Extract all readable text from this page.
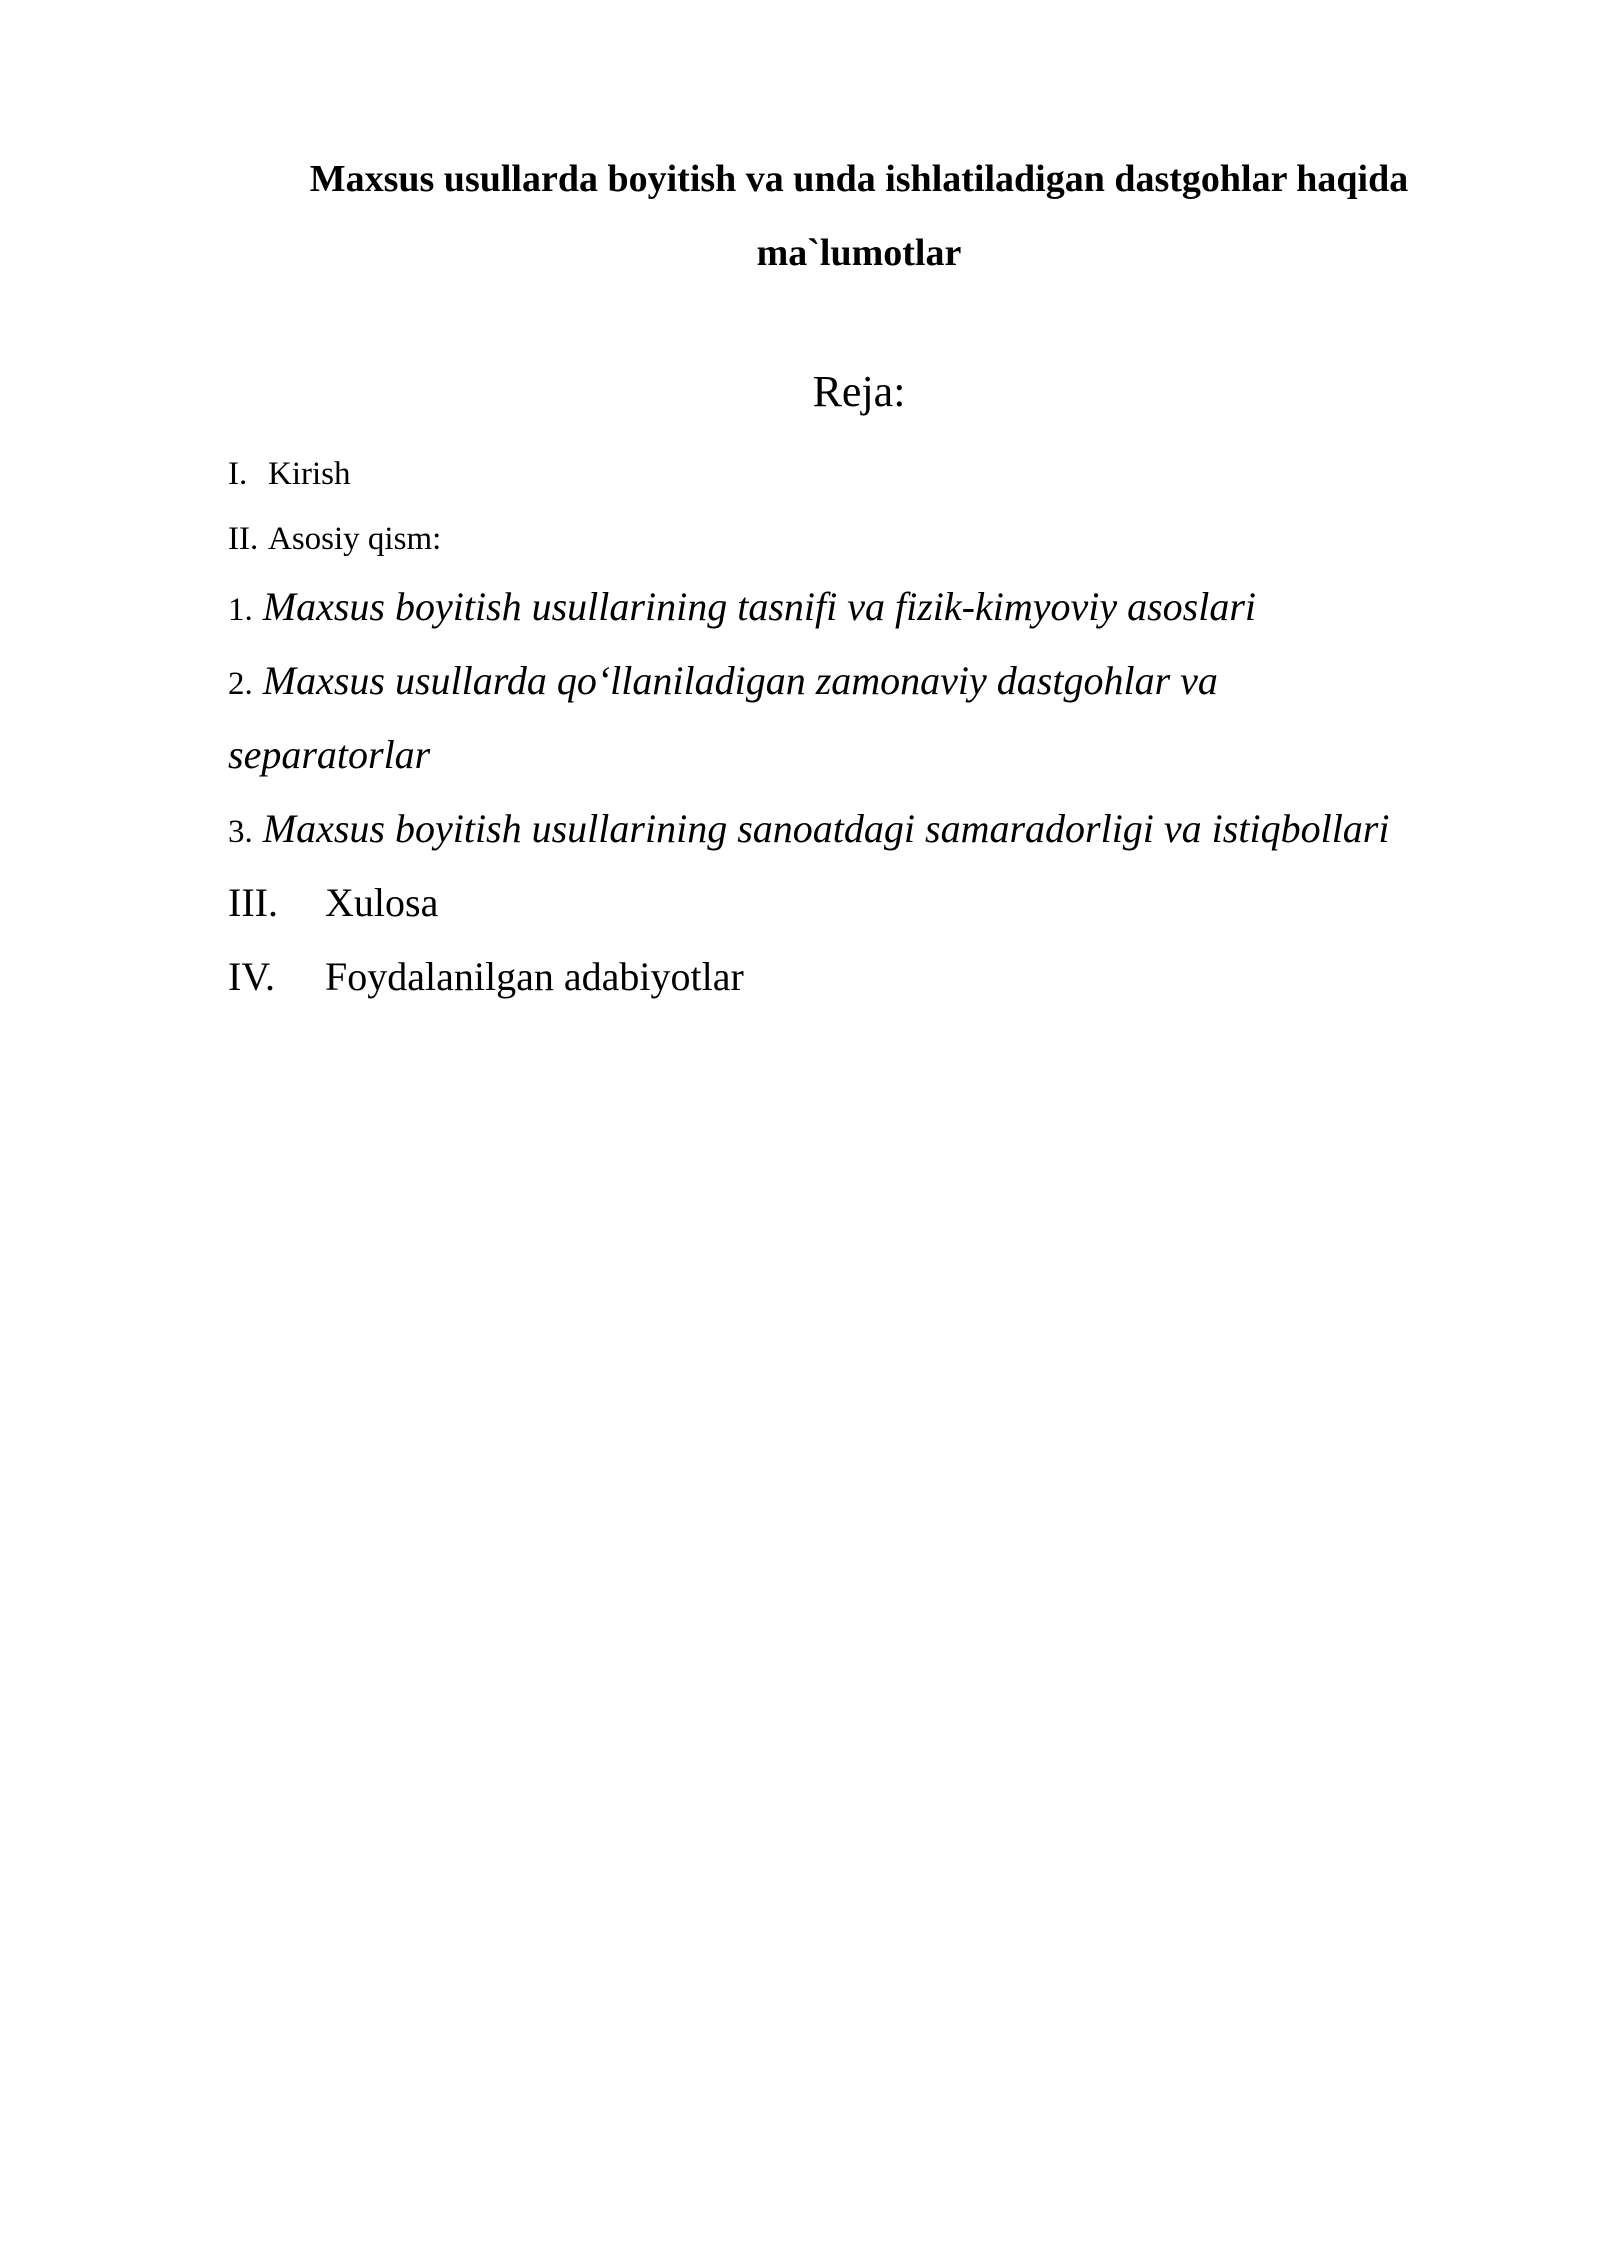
Maxsus usullarda boyitish va unda ishlatiladigan dastgohlar haqida
ma`lumotlar

Reja:

I. Kirish

II. Asosiy qism:

1. Maxsus boyitish usullarining tasnifi va fizik-kimyoviy asoslari

2. Maxsus usullarda qo‘llaniladigan zamonaviy dastgohlar va

separatorlar

3. Maxsus boyitish usullarining sanoatdagi samaradorligi va istiqbollari

III. Xulosa

IV. Foydalanilgan adabiyotlar
